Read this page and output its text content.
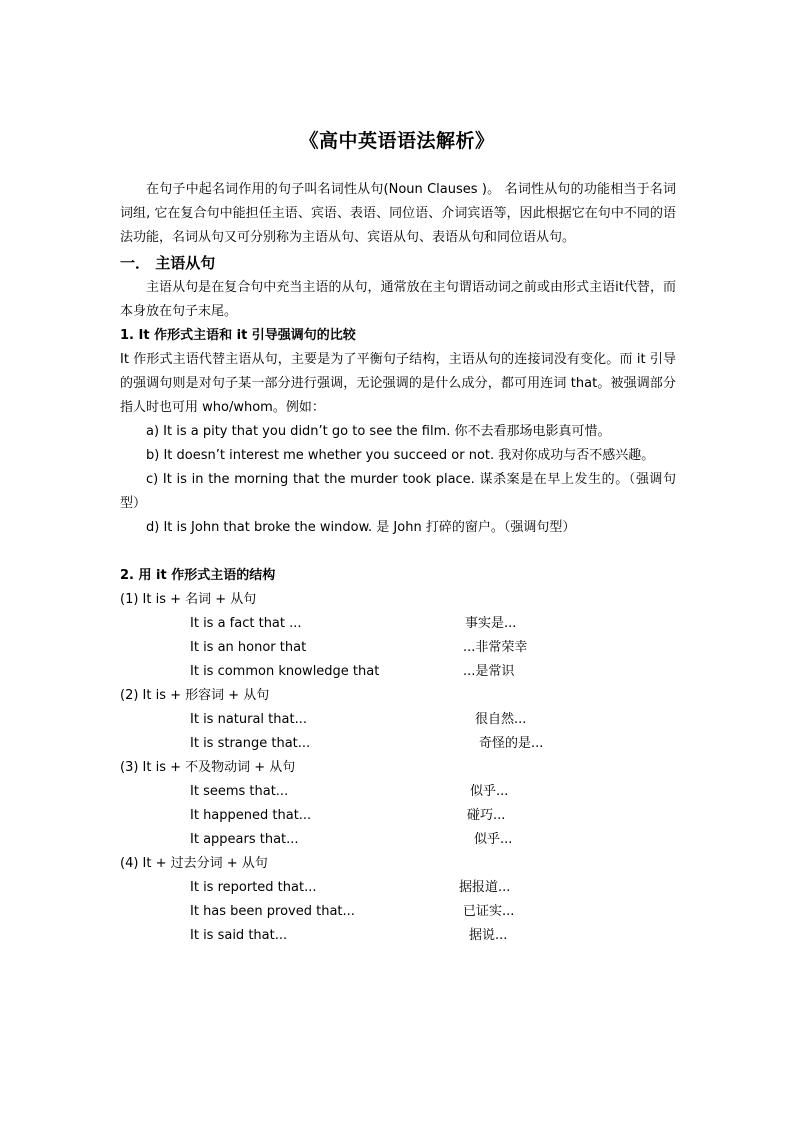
《高中英语语法解析》

在句子中起名词作用的句子叫名词性从句(Noun Clauses )。 名词性从句的功能相当于名词词组, 它在复合句中能担任主语、宾语、表语、同位语、介词宾语等，因此根据它在句中不同的语法功能，名词从句又可分别称为主语从句、宾语从句、表语从句和同位语从句。

一． 主语从句

主语从句是在复合句中充当主语的从句，通常放在主句谓语动词之前或由形式主语it代替，而本身放在句子末尾。

1. It 作形式主语和 it 引导强调句的比较

It 作形式主语代替主语从句，主要是为了平衡句子结构，主语从句的连接词没有变化。而 it 引导的强调句则是对句子某一部分进行强调，无论强调的是什么成分，都可用连词 that。被强调部分指人时也可用 who/whom。例如：

a) It is a pity that you didn’t go to see the film. 你不去看那场电影真可惜。

b) It doesn’t interest me whether you succeed or not. 我对你成功与否不感兴趣。

c) It is in the morning that the murder took place. 谋杀案是在早上发生的。（强调句型）

d) It is John that broke the window. 是 John 打碎的窗户。（强调句型）

2. 用 it 作形式主语的结构

(1) It is + 名词 + 从句

It is a fact that ...	事实是...
It is an honor that	...非常荣幸
It is common knowledge that	...是常识

(2) It is + 形容词 + 从句

It is natural that...	很自然...
It is strange that...	奇怪的是...

(3) It is + 不及物动词 + 从句

It seems that...	似乎...
It happened that...	碰巧...
It appears that...	似乎...

(4) It + 过去分词 + 从句

It is reported that...	据报道...
It has been proved that...	已证实...
It is said that...	据说...
